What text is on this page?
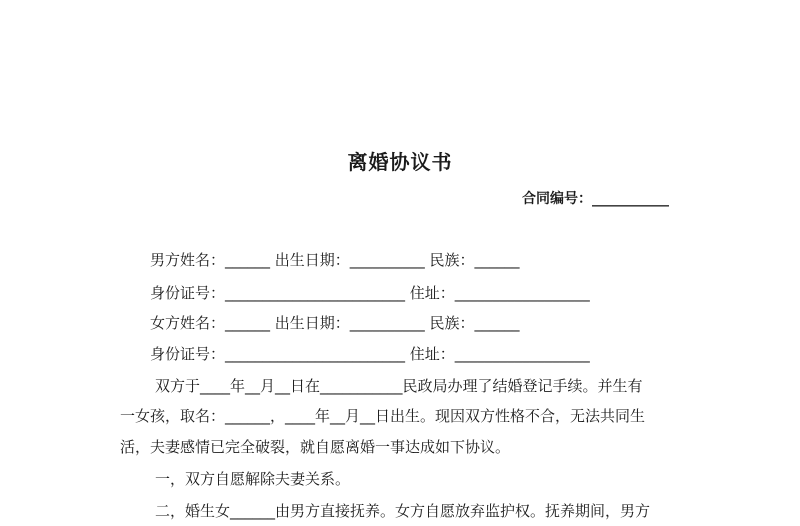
离婚协议书
合同编号：___________
男方姓名：______ 出生日期：__________ 民族：______
身份证号：________________________ 住址：__________________
女方姓名：______ 出生日期：__________ 民族：______
身份证号：________________________ 住址：__________________
双方于____年__月__日在___________民政局办理了结婚登记手续。并生有
一女孩，取名：______，____年__月__日出生。现因双方性格不合，无法共同生
活，夫妻感情已完全破裂，就自愿离婚一事达成如下协议。
一，双方自愿解除夫妻关系。
二，婚生女______由男方直接抚养。女方自愿放弃监护权。抚养期间，男方
